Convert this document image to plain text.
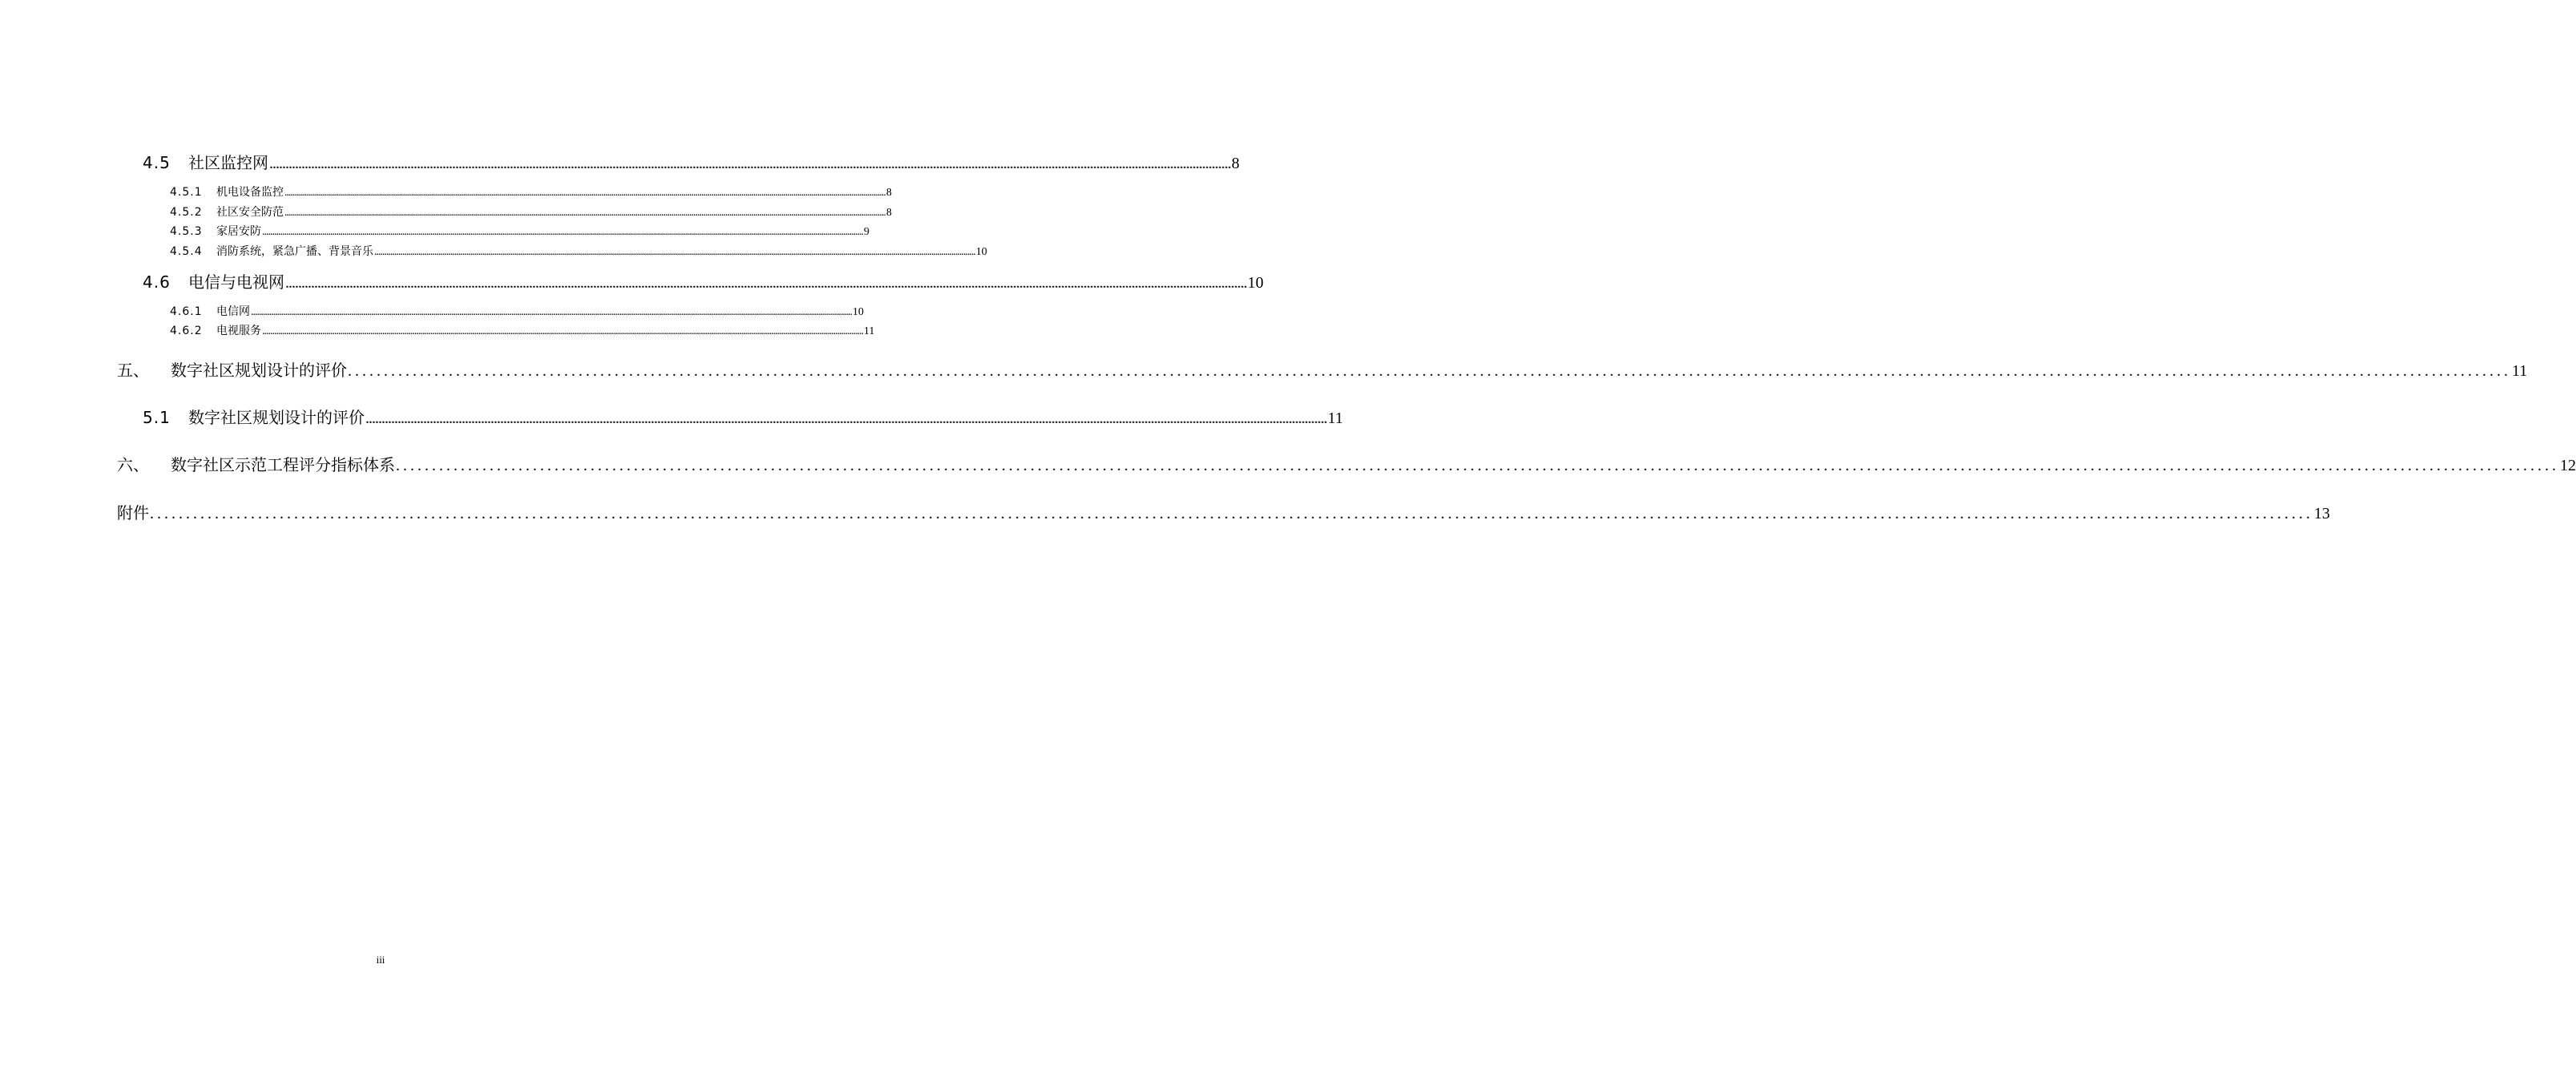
4.5	社区监控网 ............................................................................................................................................................................................................................................................................................................ 8
4.5.1	机电设备监控 ............................................................................................................................................................................................................................................................................................................ 8
4.5.2	社区安全防范 ............................................................................................................................................................................................................................................................................................................ 8
4.5.3	家居安防 ............................................................................................................................................................................................................................................................................................................ 9
4.5.4	消防系统，紧急广播、背景音乐 ............................................................................................................................................................................................................................................................................................................ 10
4.6	电信与电视网 ............................................................................................................................................................................................................................................................................................................ 10
4.6.1	电信网 ............................................................................................................................................................................................................................................................................................................ 10
4.6.2	电视服务 ............................................................................................................................................................................................................................................................................................................ 11
五、	数字社区规划设计的评价 ............................................................................................................................................................................................................................................................................................................ 11
5.1	数字社区规划设计的评价 ............................................................................................................................................................................................................................................................................................................ 11
六、	数字社区示范工程评分指标体系 ............................................................................................................................................................................................................................................................................................................ 12
附件 ............................................................................................................................................................................................................................................................................................................ 13
iii
